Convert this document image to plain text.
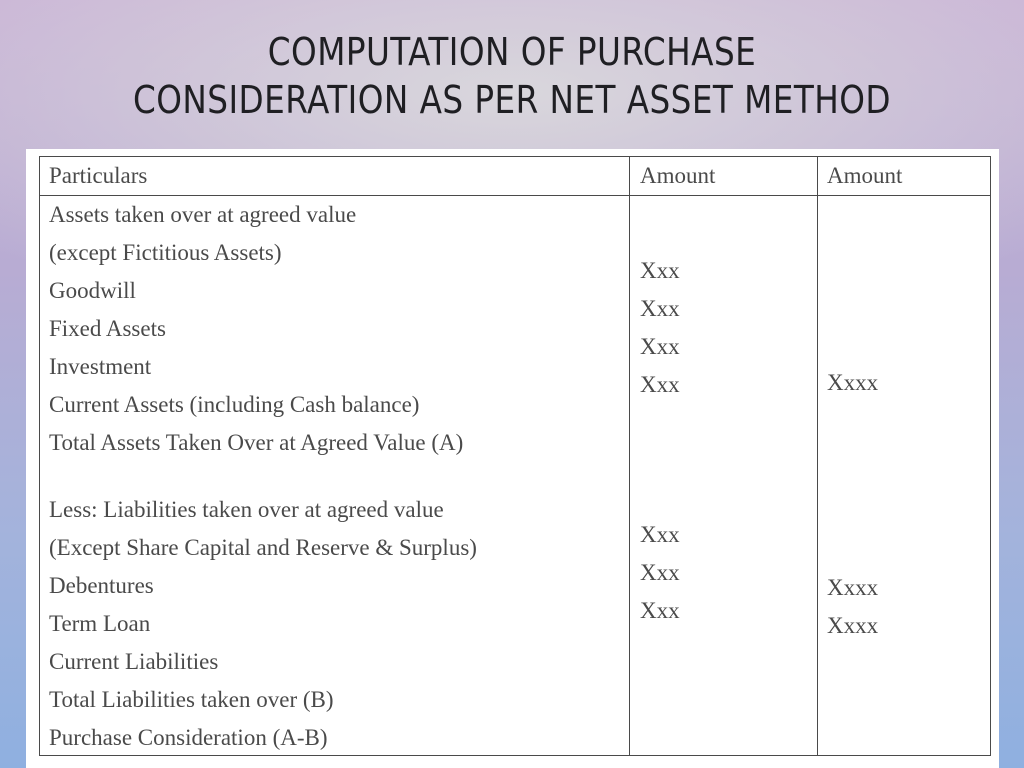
COMPUTATION OF PURCHASE
CONSIDERATION AS PER NET ASSET METHOD
Particulars	Amount	Amount
Assets taken over at agreed value
(except Fictitious Assets)
Goodwill
Fixed Assets
Investment
Current Assets (including Cash balance)
Total Assets Taken Over at Agreed Value (A)
Less: Liabilities taken over at agreed value
(Except Share Capital and Reserve & Surplus)
Debentures
Term Loan
Current Liabilities
Total Liabilities taken over (B)
Purchase Consideration (A-B)
Xxx
Xxx
Xxx
Xxx
Xxx
Xxx
Xxx
Xxxx
Xxxx
Xxxx
